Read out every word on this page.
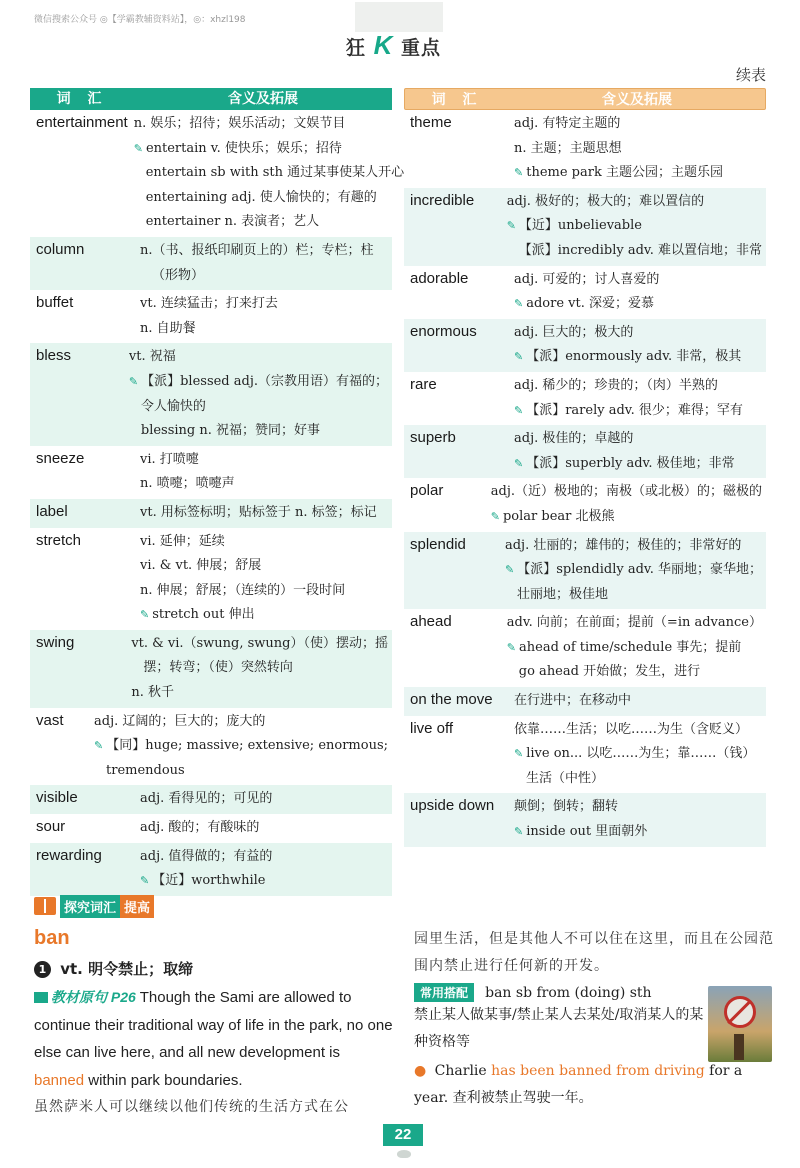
微信搜索公众号 ◎【学霸教辅资料站】，◎：xhzl198
狂 K 重点
续表
词 汇	含义及拓展
entertainment n. 娱乐；招待；娱乐活动；文娱节目
✎ entertain v. 使快乐；娱乐；招待
entertain sb with sth 通过某事使某人开心
entertaining adj. 使人愉快的；有趣的
entertainer n. 表演者；艺人
column	n.（书、报纸印刷页上的）栏；专栏；柱
（形物）
buffet	vt. 连续猛击；打来打去
n. 自助餐
bless	vt. 祝福
✎ 【派】blessed adj.（宗教用语）有福的；
令人愉快的
blessing n. 祝福；赞同；好事
sneeze	vi. 打喷嚏
n. 喷嚏；喷嚏声
label	vt. 用标签标明；贴标签于 n. 标签；标记
stretch	vi. 延伸；延续
vi. & vt. 伸展；舒展
n. 伸展；舒展；（连续的）一段时间
✎ stretch out 伸出
swing	vt. & vi.（swung, swung）（使）摆动；摇
摆；转弯；（使）突然转向
n. 秋千
vast	adj. 辽阔的；巨大的；庞大的
✎ 【同】huge; massive; extensive; enormous;
tremendous
visible	adj. 看得见的；可见的
sour	adj. 酸的；有酸味的
rewarding	adj. 值得做的；有益的
✎ 【近】worthwhile
词 汇	含义及拓展
theme	adj. 有特定主题的
n. 主题；主题思想
✎ theme park 主题公园；主题乐园
incredible	adj. 极好的；极大的；难以置信的
✎ 【近】unbelievable
【派】incredibly adv. 难以置信地；非常
adorable	adj. 可爱的；讨人喜爱的
✎ adore vt. 深爱；爱慕
enormous	adj. 巨大的；极大的
✎ 【派】enormously adv. 非常，极其
rare	adj. 稀少的；珍贵的；（肉）半熟的
✎ 【派】rarely adv. 很少；难得；罕有
superb	adj. 极佳的；卓越的
✎ 【派】superbly adv. 极佳地；非常
polar	adj.（近）极地的；南极（或北极）的；磁极的
✎ polar bear 北极熊
splendid	adj. 壮丽的；雄伟的；极佳的；非常好的
✎ 【派】splendidly adv. 华丽地；豪华地；
壮丽地；极佳地
ahead	adv. 向前；在前面；提前（=in advance）
✎ ahead of time/schedule 事先；提前
go ahead 开始做；发生，进行
on the move	在行进中；在移动中
live off	依靠……生活；以吃……为生（含贬义）
✎ live on... 以吃……为生；靠……（钱）
生活（中性）
upside down	颠倒；倒转；翻转
✎ inside out 里面朝外
探究词汇 提高
ban
1 vt. 明令禁止；取缔
教材原句 P26 Though the Sami are allowed to continue their traditional way of life in the park, no one else can live here, and all new development is banned within park boundaries.
虽然萨米人可以继续以他们传统的生活方式在公
园里生活，但是其他人不可以住在这里，而且在公园范围内禁止进行任何新的开发。
常用搭配 ban sb from (doing) sth
禁止某人做某事/禁止某人去某处/取消某人的某种资格等
● Charlie has been banned from driving for a year. 查利被禁止驾驶一年。
22
